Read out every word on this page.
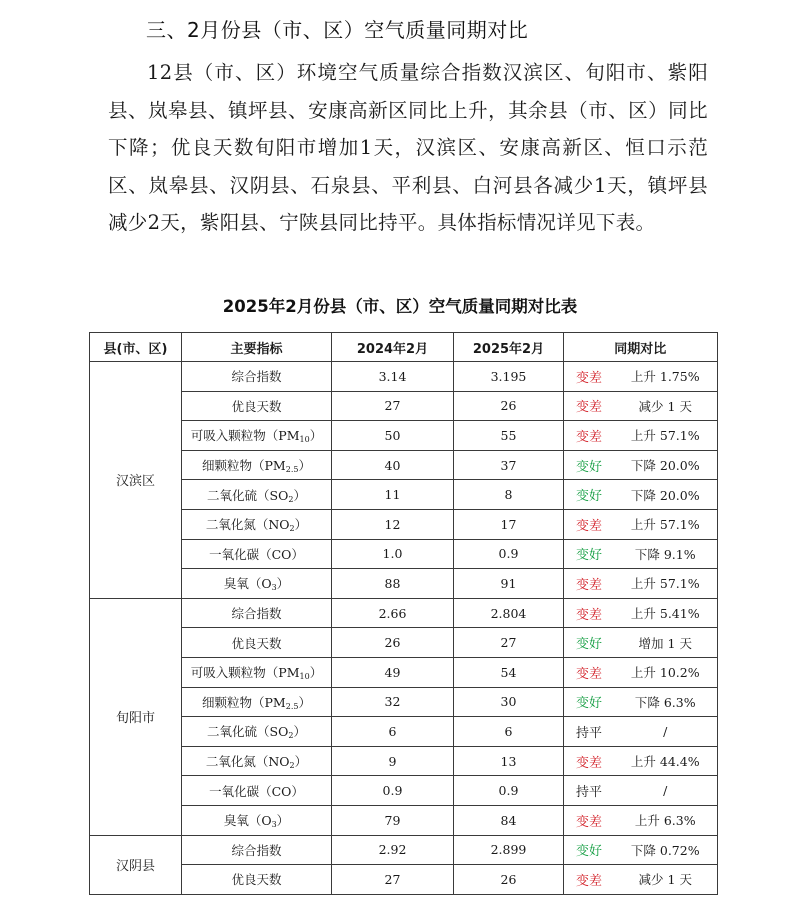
三、2月份县（市、区）空气质量同期对比

12县（市、区）环境空气质量综合指数汉滨区、旬阳市、紫阳县、岚皋县、镇坪县、安康高新区同比上升，其余县（市、区）同比下降；优良天数旬阳市增加1天，汉滨区、安康高新区、恒口示范区、岚皋县、汉阴县、石泉县、平利县、白河县各减少1天，镇坪县减少2天，紫阳县、宁陕县同比持平。具体指标情况详见下表。

2025年2月份县（市、区）空气质量同期对比表
县(市、区)	主要指标	2024年2月	2025年2月	同期对比	
汉滨区	综合指数	3.14	3.195	变差	上升 1.75%
	优良天数	27	26	变差	减少 1 天
	可吸入颗粒物$(PM_{10})$	50	55	变差	上升 57.1%
	细颗粒物$(PM_{2.5})$	40	37	变好	下降 20.0%
	二氧化硫$(SO_2)$	11	8	变好	下降 20.0%
	二氧化氮$(NO_2)$	12	17	变差	上升 57.1%
	一氧化碳（CO）	1.0	0.9	变好	下降 9.1%
	臭氧$(O_3)$	88	91	变差	上升 57.1%
旬阳市	综合指数	2.66	2.804	变差	上升 5.41%
	优良天数	26	27	变好	增加 1 天
	可吸入颗粒物$(PM_{10})$	49	54	变差	上升 10.2%
	细颗粒物$(PM_{2.5})$	32	30	变好	下降 6.3%
	二氧化硫$(SO_2)$	6	6	持平	/
	二氧化氮$(NO_2)$	9	13	变差	上升 44.4%
	一氧化碳（CO）	0.9	0.9	持平	/
	臭氧$(O_3)$	79	84	变差	上升 6.3%
汉阴县	综合指数	2.92	2.899	变好	下降 0.72%
	优良天数	27	26	变差	减少 1 天
